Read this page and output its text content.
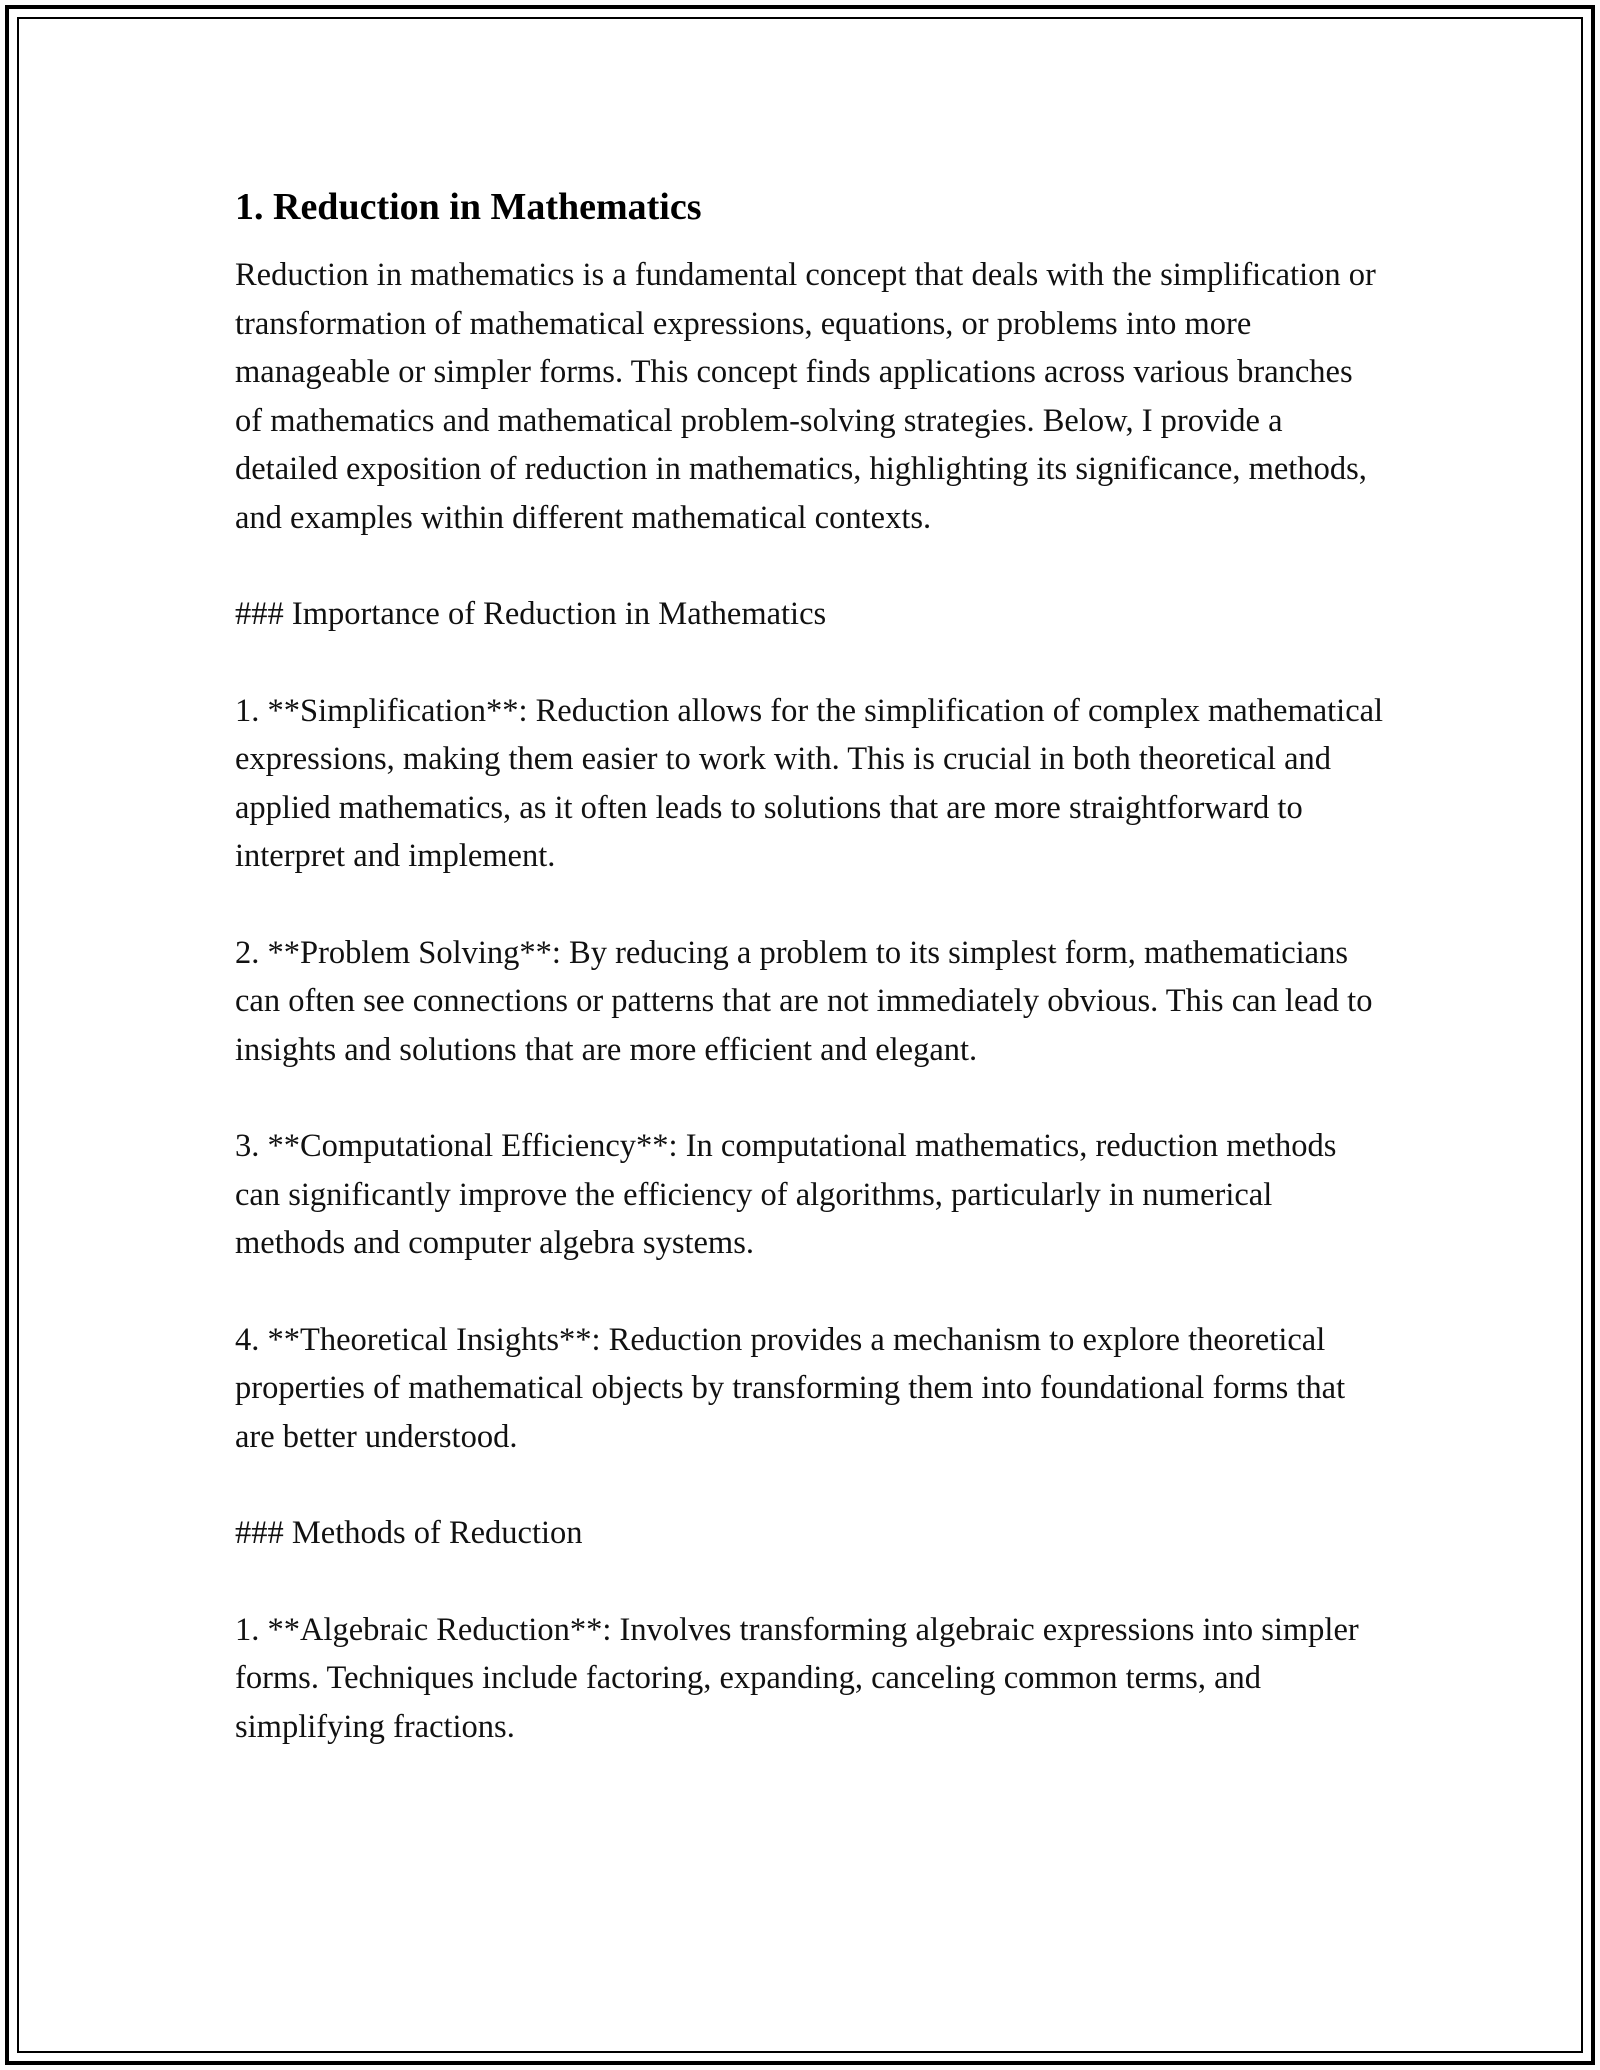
1. Reduction in Mathematics

Reduction in mathematics is a fundamental concept that deals with the simplification or transformation of mathematical expressions, equations, or problems into more manageable or simpler forms. This concept finds applications across various branches of mathematics and mathematical problem-solving strategies. Below, I provide a detailed exposition of reduction in mathematics, highlighting its significance, methods, and examples within different mathematical contexts.

### Importance of Reduction in Mathematics

1. **Simplification**: Reduction allows for the simplification of complex mathematical expressions, making them easier to work with. This is crucial in both theoretical and applied mathematics, as it often leads to solutions that are more straightforward to interpret and implement.

2. **Problem Solving**: By reducing a problem to its simplest form, mathematicians can often see connections or patterns that are not immediately obvious. This can lead to insights and solutions that are more efficient and elegant.

3. **Computational Efficiency**: In computational mathematics, reduction methods can significantly improve the efficiency of algorithms, particularly in numerical methods and computer algebra systems.

4. **Theoretical Insights**: Reduction provides a mechanism to explore theoretical properties of mathematical objects by transforming them into foundational forms that are better understood.

### Methods of Reduction

1. **Algebraic Reduction**: Involves transforming algebraic expressions into simpler forms. Techniques include factoring, expanding, canceling common terms, and simplifying fractions.
